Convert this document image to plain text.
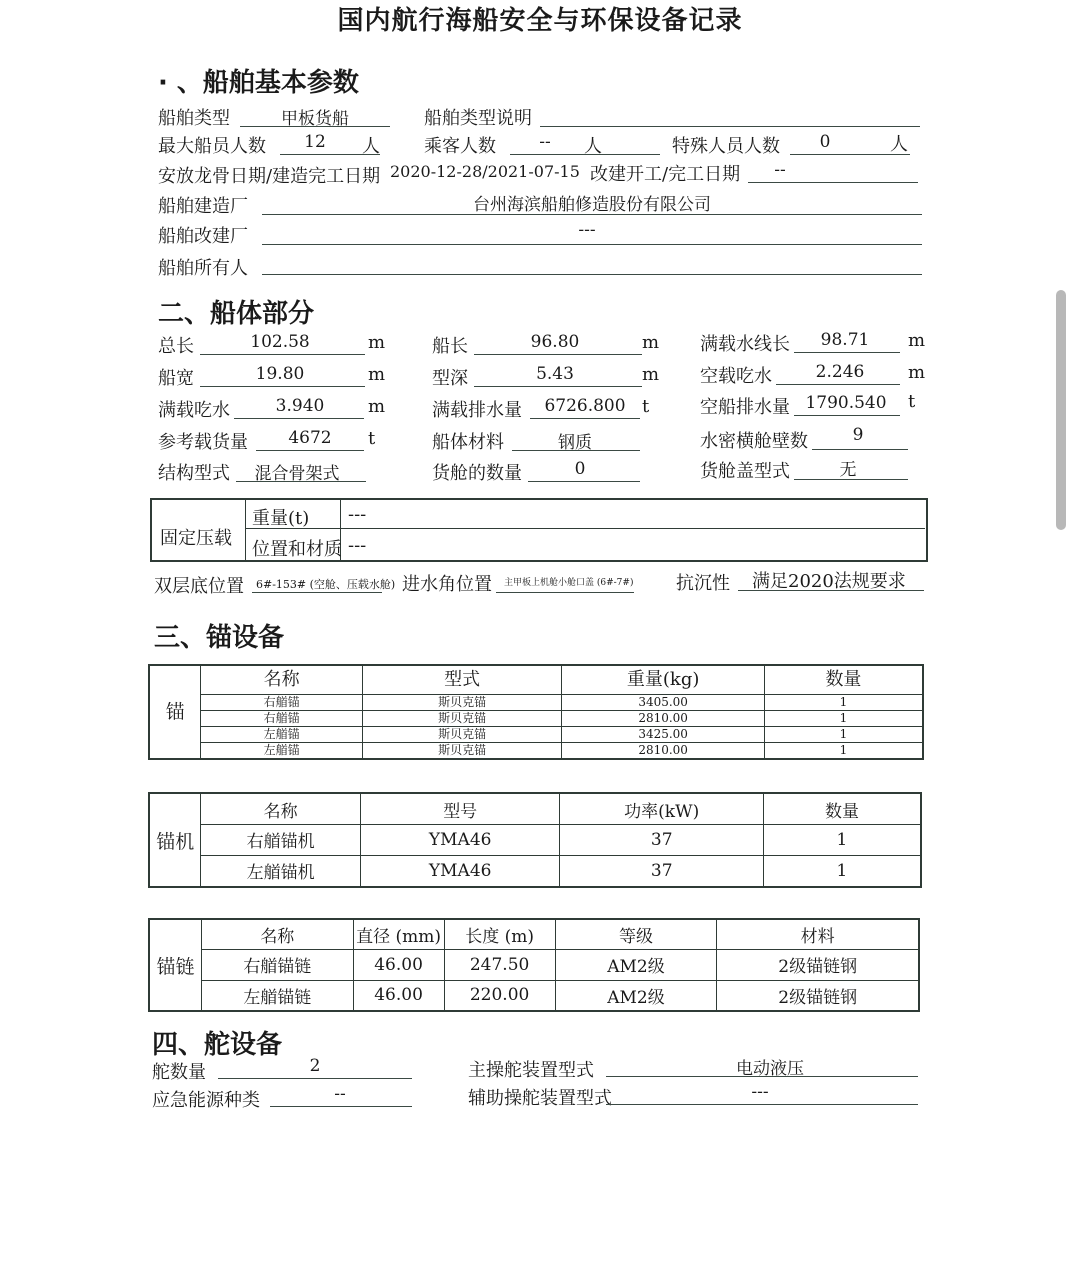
国内航行海船安全与环保设备记录
· 、船舶基本参数
船舶类型	甲板货船	船舶类型说明
最大船员人数	12	人 乘客人数	--	人	特殊人员人数	0	人
安放龙骨日期/建造完工日期 2020-12-28/2021-07-15 改建开工/完工日期	--
船舶建造厂	台州海滨船舶修造股份有限公司
船舶改建厂	---
船舶所有人
二、船体部分
总长	102.58	m	船长	96.80	m 满载水线长	98.71	m
船宽	19.80	m	型深	5.43	m 空载吃水	2.246	m
满载吃水	3.940	m	满载排水量	6726.800 t	空船排水量 1790.540	t
参考载货量	4672	t	船体材料	钢质	水密横舱壁数	9
结构型式	混合骨架式	货舱的数量	0	货舱盖型式	无
固定压载
重量(t) ---
位置和材质 ---
双层底位置 6#-153# (空舱、压载水舱) 进水角位置 主甲板上机舱小舱口盖 (6#-7#) 抗沉性 满足2020法规要求
三、锚设备
锚	名称	型式	重量(kg)	数量
	右艏锚	斯贝克锚	3405.00	1
	右艏锚	斯贝克锚	2810.00	1
	左艏锚	斯贝克锚	3425.00	1
	左艏锚	斯贝克锚	2810.00	1
锚机	名称	型号	功率(kW)	数量
	右艏锚机	YMA46	37	1
	左艏锚机	YMA46	37	1
锚链	名称	直径 (mm)	长度 (m)	等级	材料
	右艏锚链	46.00	247.50	AM2级	2级锚链钢
	左艏锚链	46.00	220.00	AM2级	2级锚链钢
四、舵设备
舵数量	2	主操舵装置型式	电动液压
应急能源种类	--	辅助操舵装置型式	---
